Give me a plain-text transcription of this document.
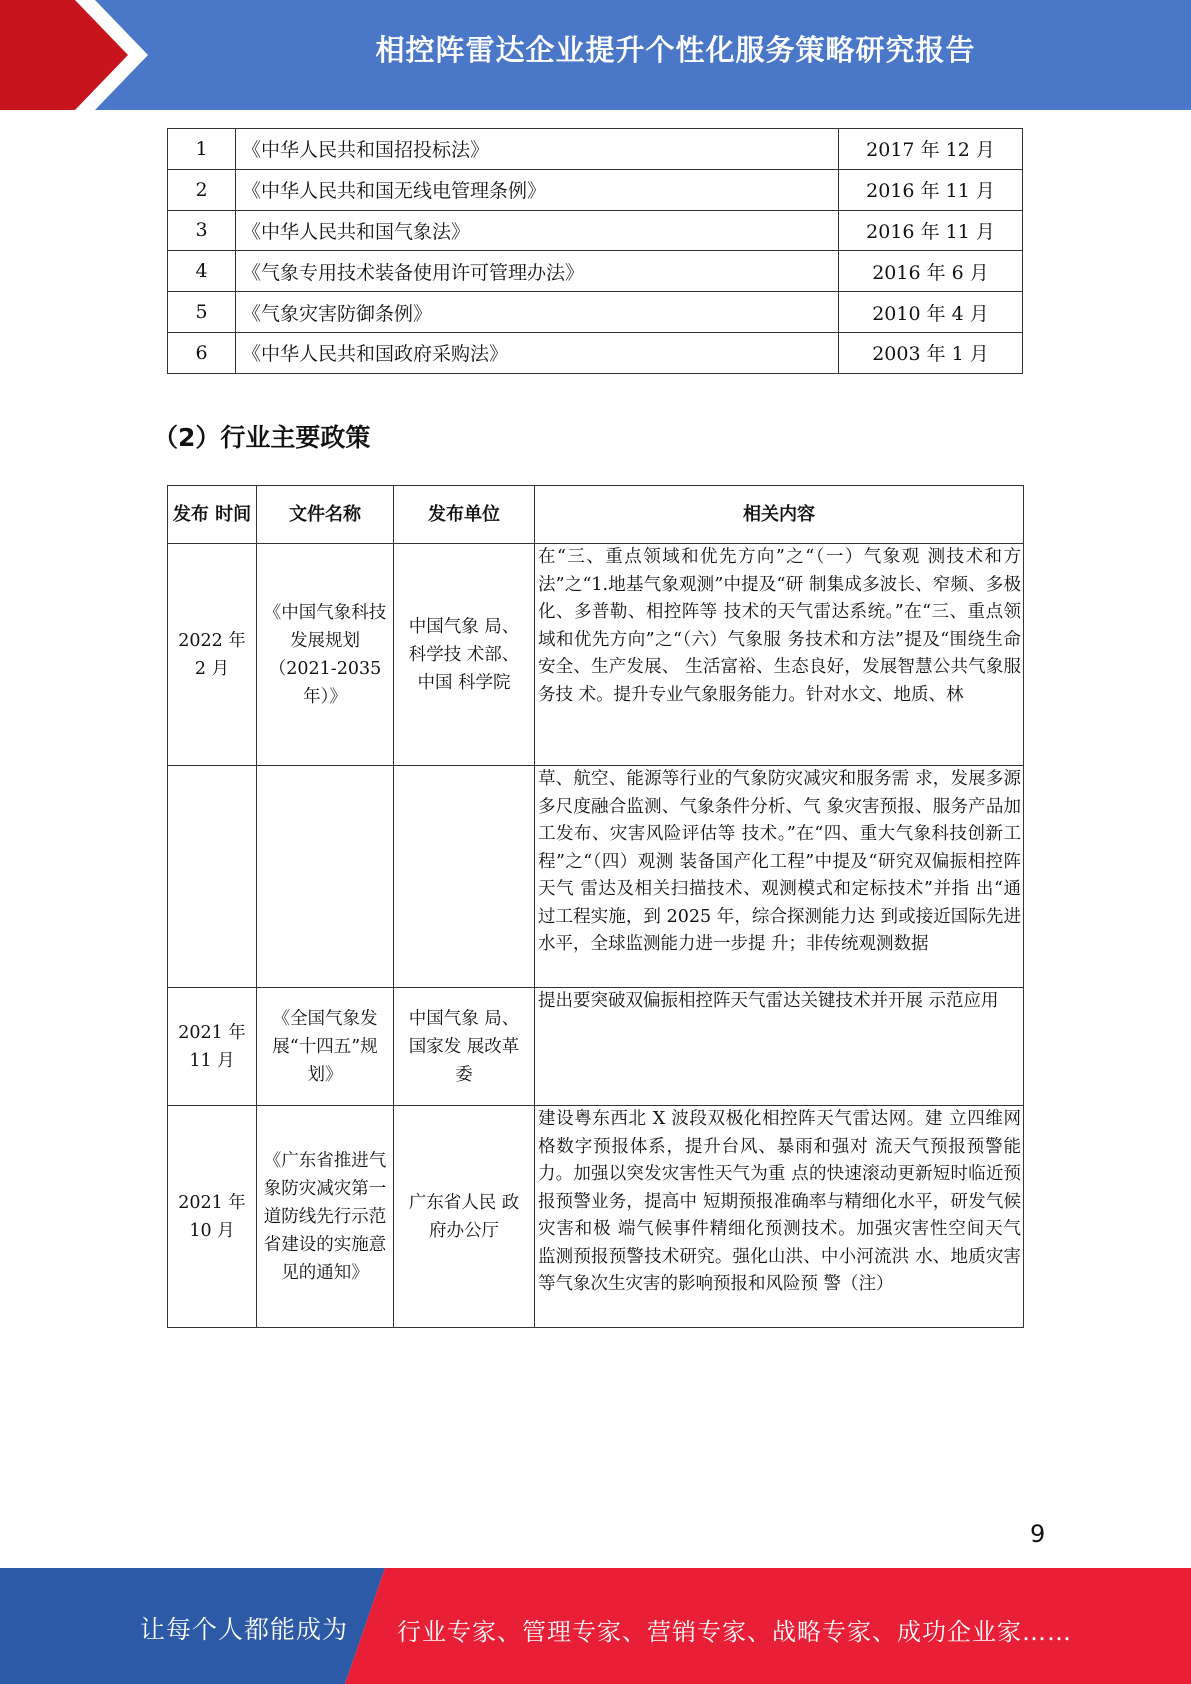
相控阵雷达企业提升个性化服务策略研究报告
1	《中华人民共和国招投标法》	2017 年 12 月
2	《中华人民共和国无线电管理条例》	2016 年 11 月
3	《中华人民共和国气象法》	2016 年 11 月
4	《气象专用技术装备使用许可管理办法》	2016 年 6 月
5	《气象灾害防御条例》	2010 年 4 月
6	《中华人民共和国政府采购法》	2003 年 1 月
（2）行业主要政策
发布 时间	文件名称	发布单位	相关内容
2022 年 2 月	《中国气象科技发展规划（2021-2035 年）》	中国气象 局、科学技 术部、中国 科学院	在“三、重点领域和优先方向”之“（一）气象观 测技术和方法”之“1.地基气象观测”中提及“研 制集成多波长、窄频、多极化、多普勒、相控阵等 技术的天气雷达系统。”在“三、重点领域和优先方向”之“（六）气象服 务技术和方法”提及“围绕生命安全、生产发展、 生活富裕、生态良好，发展智慧公共气象服务技 术。提升专业气象服务能力。针对水文、地质、林
			草、航空、能源等行业的气象防灾减灾和服务需 求，发展多源多尺度融合监测、气象条件分析、气 象灾害预报、服务产品加工发布、灾害风险评估等 技术。”在“四、重大气象科技创新工程”之“（四）观测 装备国产化工程”中提及“研究双偏振相控阵天气 雷达及相关扫描技术、观测模式和定标技术”并指 出“通过工程实施，到 2025 年，综合探测能力达 到或接近国际先进水平，全球监测能力进一步提 升；非传统观测数据
2021 年 11 月	《全国气象发展“十四五”规划》	中国气象 局、国家发 展改革委	提出要突破双偏振相控阵天气雷达关键技术并开展 示范应用
2021 年 10 月	《广东省推进气象防灾减灾第一道防线先行示范省建设的实施意见的通知》	广东省人民 政府办公厅	建设粤东西北 X 波段双极化相控阵天气雷达网。建 立四维网格数字预报体系，提升台风、暴雨和强对 流天气预报预警能力。加强以突发灾害性天气为重 点的快速滚动更新短时临近预报预警业务，提高中 短期预报准确率与精细化水平，研发气候灾害和极 端气候事件精细化预测技术。加强灾害性空间天气 监测预报预警技术研究。强化山洪、中小河流洪 水、地质灾害等气象次生灾害的影响预报和风险预 警（注）
9
让每个人都能成为 行业专家、管理专家、营销专家、战略专家、成功企业家……
